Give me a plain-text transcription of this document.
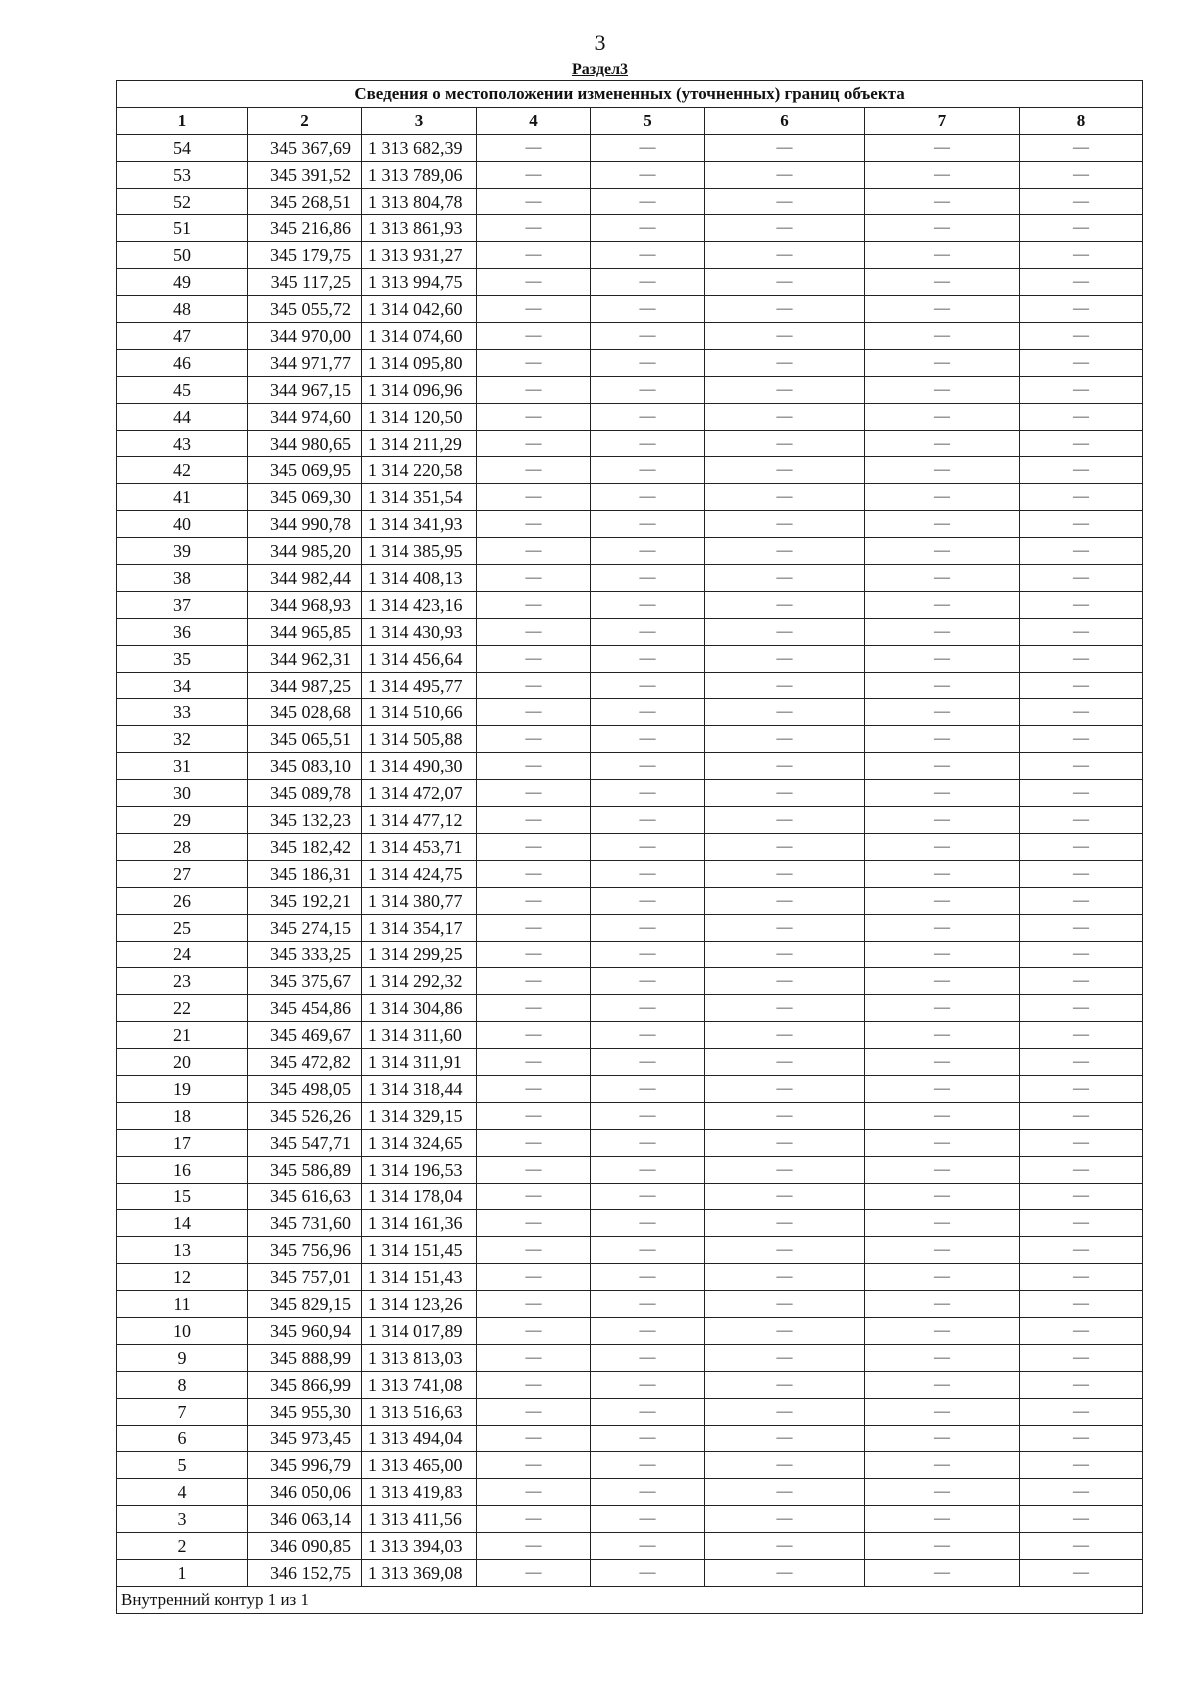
3
Раздел3
Сведения о местоположении измененных (уточненных) границ объекта							
1	2	3	4	5	6	7	8
54	345 367,69	1 313 682,39	—	—	—	—	—
53	345 391,52	1 313 789,06	—	—	—	—	—
52	345 268,51	1 313 804,78	—	—	—	—	—
51	345 216,86	1 313 861,93	—	—	—	—	—
50	345 179,75	1 313 931,27	—	—	—	—	—
49	345 117,25	1 313 994,75	—	—	—	—	—
48	345 055,72	1 314 042,60	—	—	—	—	—
47	344 970,00	1 314 074,60	—	—	—	—	—
46	344 971,77	1 314 095,80	—	—	—	—	—
45	344 967,15	1 314 096,96	—	—	—	—	—
44	344 974,60	1 314 120,50	—	—	—	—	—
43	344 980,65	1 314 211,29	—	—	—	—	—
42	345 069,95	1 314 220,58	—	—	—	—	—
41	345 069,30	1 314 351,54	—	—	—	—	—
40	344 990,78	1 314 341,93	—	—	—	—	—
39	344 985,20	1 314 385,95	—	—	—	—	—
38	344 982,44	1 314 408,13	—	—	—	—	—
37	344 968,93	1 314 423,16	—	—	—	—	—
36	344 965,85	1 314 430,93	—	—	—	—	—
35	344 962,31	1 314 456,64	—	—	—	—	—
34	344 987,25	1 314 495,77	—	—	—	—	—
33	345 028,68	1 314 510,66	—	—	—	—	—
32	345 065,51	1 314 505,88	—	—	—	—	—
31	345 083,10	1 314 490,30	—	—	—	—	—
30	345 089,78	1 314 472,07	—	—	—	—	—
29	345 132,23	1 314 477,12	—	—	—	—	—
28	345 182,42	1 314 453,71	—	—	—	—	—
27	345 186,31	1 314 424,75	—	—	—	—	—
26	345 192,21	1 314 380,77	—	—	—	—	—
25	345 274,15	1 314 354,17	—	—	—	—	—
24	345 333,25	1 314 299,25	—	—	—	—	—
23	345 375,67	1 314 292,32	—	—	—	—	—
22	345 454,86	1 314 304,86	—	—	—	—	—
21	345 469,67	1 314 311,60	—	—	—	—	—
20	345 472,82	1 314 311,91	—	—	—	—	—
19	345 498,05	1 314 318,44	—	—	—	—	—
18	345 526,26	1 314 329,15	—	—	—	—	—
17	345 547,71	1 314 324,65	—	—	—	—	—
16	345 586,89	1 314 196,53	—	—	—	—	—
15	345 616,63	1 314 178,04	—	—	—	—	—
14	345 731,60	1 314 161,36	—	—	—	—	—
13	345 756,96	1 314 151,45	—	—	—	—	—
12	345 757,01	1 314 151,43	—	—	—	—	—
11	345 829,15	1 314 123,26	—	—	—	—	—
10	345 960,94	1 314 017,89	—	—	—	—	—
9	345 888,99	1 313 813,03	—	—	—	—	—
8	345 866,99	1 313 741,08	—	—	—	—	—
7	345 955,30	1 313 516,63	—	—	—	—	—
6	345 973,45	1 313 494,04	—	—	—	—	—
5	345 996,79	1 313 465,00	—	—	—	—	—
4	346 050,06	1 313 419,83	—	—	—	—	—
3	346 063,14	1 313 411,56	—	—	—	—	—
2	346 090,85	1 313 394,03	—	—	—	—	—
1	346 152,75	1 313 369,08	—	—	—	—	—
Внутренний контур 1 из 1							
